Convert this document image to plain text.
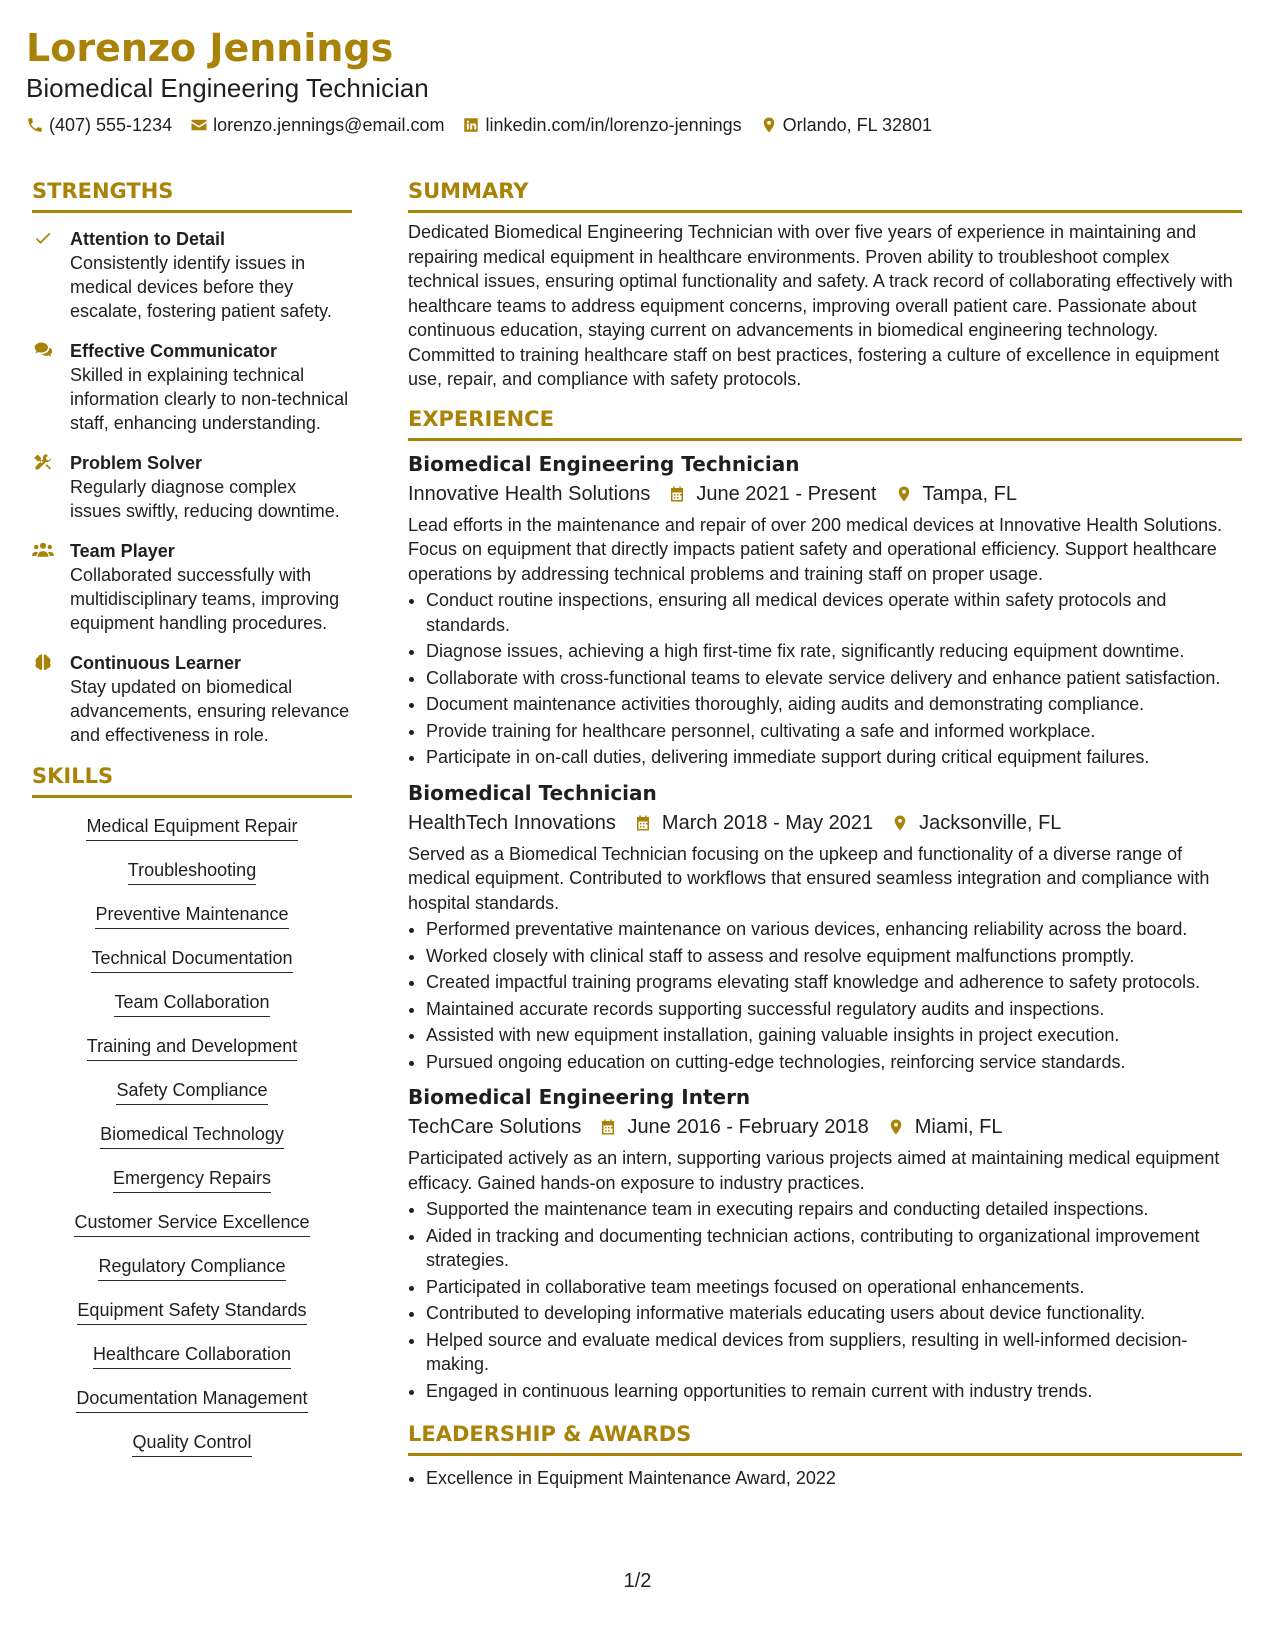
Lorenzo Jennings
Biomedical Engineering Technician
(407) 555-1234 lorenzo.jennings@email.com linkedin.com/in/lorenzo-jennings Orlando, FL 32801
STRENGTHS
Attention to Detail
Consistently identify issues in medical devices before they escalate, fostering patient safety.
Effective Communicator
Skilled in explaining technical information clearly to non-technical staff, enhancing understanding.
Problem Solver
Regularly diagnose complex issues swiftly, reducing downtime.
Team Player
Collaborated successfully with multidisciplinary teams, improving equipment handling procedures.
Continuous Learner
Stay updated on biomedical advancements, ensuring relevance and effectiveness in role.
SKILLS
Medical Equipment Repair
Troubleshooting
Preventive Maintenance
Technical Documentation
Team Collaboration
Training and Development
Safety Compliance
Biomedical Technology
Emergency Repairs
Customer Service Excellence
Regulatory Compliance
Equipment Safety Standards
Healthcare Collaboration
Documentation Management
Quality Control
SUMMARY
Dedicated Biomedical Engineering Technician with over five years of experience in maintaining and repairing medical equipment in healthcare environments. Proven ability to troubleshoot complex technical issues, ensuring optimal functionality and safety. A track record of collaborating effectively with healthcare teams to address equipment concerns, improving overall patient care. Passionate about continuous education, staying current on advancements in biomedical engineering technology. Committed to training healthcare staff on best practices, fostering a culture of excellence in equipment use, repair, and compliance with safety protocols.
EXPERIENCE
Biomedical Engineering Technician
Innovative Health Solutions June 2021 - Present Tampa, FL
Lead efforts in the maintenance and repair of over 200 medical devices at Innovative Health Solutions. Focus on equipment that directly impacts patient safety and operational efficiency. Support healthcare operations by addressing technical problems and training staff on proper usage.
• Conduct routine inspections, ensuring all medical devices operate within safety protocols and standards.
• Diagnose issues, achieving a high first-time fix rate, significantly reducing equipment downtime.
• Collaborate with cross-functional teams to elevate service delivery and enhance patient satisfaction.
• Document maintenance activities thoroughly, aiding audits and demonstrating compliance.
• Provide training for healthcare personnel, cultivating a safe and informed workplace.
• Participate in on-call duties, delivering immediate support during critical equipment failures.
Biomedical Technician
HealthTech Innovations March 2018 - May 2021 Jacksonville, FL
Served as a Biomedical Technician focusing on the upkeep and functionality of a diverse range of medical equipment. Contributed to workflows that ensured seamless integration and compliance with hospital standards.
• Performed preventative maintenance on various devices, enhancing reliability across the board.
• Worked closely with clinical staff to assess and resolve equipment malfunctions promptly.
• Created impactful training programs elevating staff knowledge and adherence to safety protocols.
• Maintained accurate records supporting successful regulatory audits and inspections.
• Assisted with new equipment installation, gaining valuable insights in project execution.
• Pursued ongoing education on cutting-edge technologies, reinforcing service standards.
Biomedical Engineering Intern
TechCare Solutions June 2016 - February 2018 Miami, FL
Participated actively as an intern, supporting various projects aimed at maintaining medical equipment efficacy. Gained hands-on exposure to industry practices.
• Supported the maintenance team in executing repairs and conducting detailed inspections.
• Aided in tracking and documenting technician actions, contributing to organizational improvement strategies.
• Participated in collaborative team meetings focused on operational enhancements.
• Contributed to developing informative materials educating users about device functionality.
• Helped source and evaluate medical devices from suppliers, resulting in well-informed decision-making.
• Engaged in continuous learning opportunities to remain current with industry trends.
LEADERSHIP & AWARDS
• Excellence in Equipment Maintenance Award, 2022
1/2
